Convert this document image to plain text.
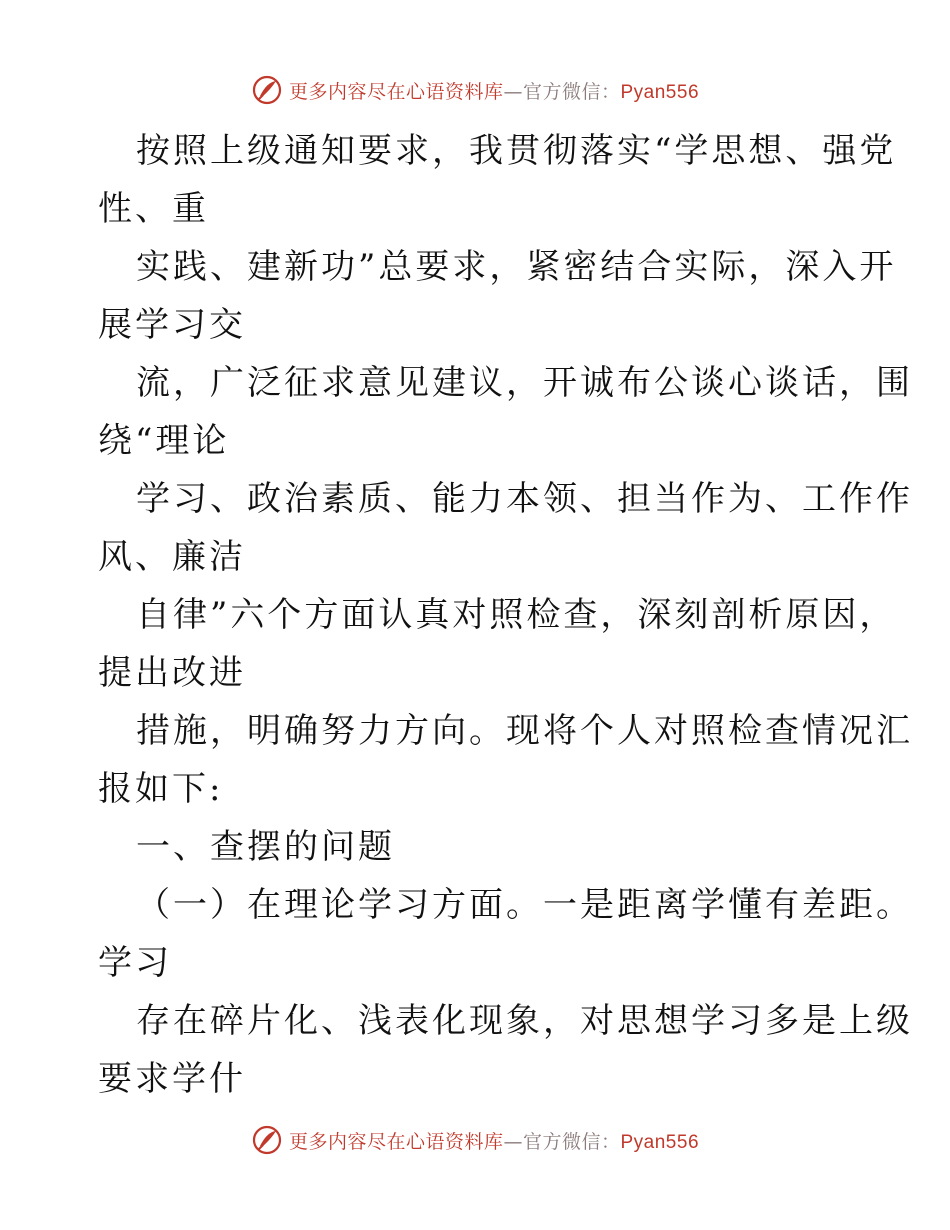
更多内容尽在心语资料库—官方微信：Pyan556
按照上级通知要求，我贯彻落实“学思想、强党
性、重
实践、建新功”总要求，紧密结合实际，深入开
展学习交
流，广泛征求意见建议，开诚布公谈心谈话，围
绕“理论
学习、政治素质、能力本领、担当作为、工作作
风、廉洁
自律”六个方面认真对照检查，深刻剖析原因，
提出改进
措施，明确努力方向。现将个人对照检查情况汇
报如下:
一、查摆的问题
（一）在理论学习方面。一是距离学懂有差距。
学习
存在碎片化、浅表化现象，对思想学习多是上级
要求学什
更多内容尽在心语资料库—官方微信：Pyan556
